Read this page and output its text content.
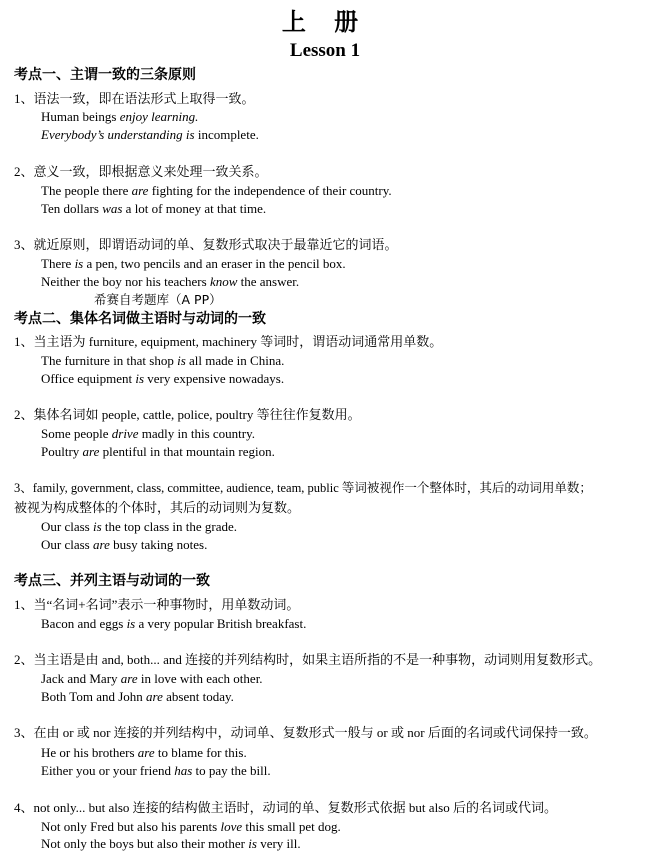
上 册
Lesson 1
考点一、主谓一致的三条原则
1、语法一致，即在语法形式上取得一致。
Human beings enjoy learning.
Everybody’s understanding is incomplete.
2、意义一致，即根据意义来处理一致关系。
The people there are fighting for the independence of their country.
Ten dollars was a lot of money at that time.
3、就近原则，即谓语动词的单、复数形式取决于最靠近它的词语。
There is a pen, two pencils and an eraser in the pencil box.
Neither the boy nor his teachers know the answer.
希赛自考题库（A PP）
考点二、集体名词做主语时与动词的一致
1、当主语为 furniture, equipment, machinery 等词时，谓语动词通常用单数。
The furniture in that shop is all made in China.
Office equipment is very expensive nowadays.
2、集体名词如 people, cattle, police, poultry 等往往作复数用。
Some people drive madly in this country.
Poultry are plentiful in that mountain region.
3、family, government, class, committee, audience, team, public 等词被视作一个整体时，其后的动词用单数；
被视为构成整体的个体时，其后的动词则为复数。
Our class is the top class in the grade.
Our class are busy taking notes.
考点三、并列主语与动词的一致
1、当“名词+名词”表示一种事物时，用单数动词。
Bacon and eggs is a very popular British breakfast.
2、当主语是由 and, both... and 连接的并列结构时，如果主语所指的不是一种事物，动词则用复数形式。
Jack and Mary are in love with each other.
Both Tom and John are absent today.
3、在由 or 或 nor 连接的并列结构中，动词单、复数形式一般与 or 或 nor 后面的名词或代词保持一致。
He or his brothers are to blame for this.
Either you or your friend has to pay the bill.
4、not only... but also 连接的结构做主语时，动词的单、复数形式依据 but also 后的名词或代词。
Not only Fred but also his parents love this small pet dog.
Not only the boys but also their mother is very ill.
